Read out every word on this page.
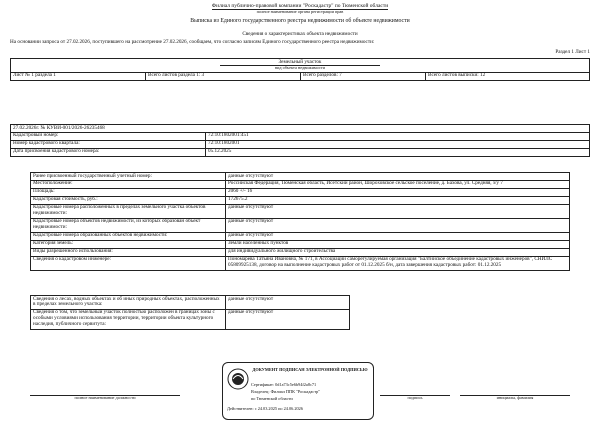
Филиал публично-правовой компании "Роскадастр" по Тюменской области
полное наименование органа регистрации прав
Выписка из Единого государственного реестра недвижимости об объекте недвижимости
Сведения о характеристиках объекта недвижимости
На основании запроса от 27.02.2026, поступившего на рассмотрение 27.02.2026, сообщаем, что согласно записям Единого государственного реестра недвижимости:
Раздел 1 Лист 1
Земельный участок
вид объекта недвижимости

Лист № 1 раздела 1	Всего листов раздела 1: 3	Всего разделов: 7	Всего листов выписки: 12
27.02.2026г. № КУВИ-001/2026-26235468	
Кадастровый номер:	72:10:1802001:451
Номер кадастрового квартала:	72:10:1802001
Дата присвоения кадастрового номера:	05.12.2025
Ранее присвоенный государственный учетный номер:	данные отсутствуют
Местоположение:	Российская Федерация, Тюменская область, Исетский район, Шороховское сельское поселение, д. Бахова, ул. Средняя, з/у 7
Площадь:	2060 +/- 16
Кадастровая стоимость, руб.:	172675.2
Кадастровые номера расположенных в пределах земельного участка объектов недвижимости:	данные отсутствуют
Кадастровые номера объектов недвижимости, из которых образован объект недвижимости:	данные отсутствуют
Кадастровые номера образованных объектов недвижимости:	данные отсутствуют
Категория земель:	Земли населенных пунктов
Виды разрешенного использования:	для индивидуального жилищного строительства
Сведения о кадастровом инженере:	Пономарева Татьяна Ивановна, № 171, в Ассоциации саморегулируемая организация "Балтийское объединение кадастровых инженеров", СНИЛС 05809925138, договор на выполнение кадастровых работ от 01.12.2025 б/н, дата завершения кадастровых работ: 01.12.2025
Сведения о лесах, водных объектах и об иных природных объектах, расположенных в пределах земельного участка:	данные отсутствуют
Сведения о том, что земельный участок полностью расположен в границах зоны с особыми условиями использования территории, территории объекта культурного наследия, публичного сервитута:	данные отсутствуют
полное наименование должности	подпись	инициалы, фамилия
ДОКУМЕНТ ПОДПИСАН ЭЛЕКТРОННОЙ ПОДПИСЬЮ
Сертификат: 0d1a73c5e6b94f2a8c71
Владелец: Филиал ППК "Роскадастр"
по Тюменской области
Действителен: с 24.03.2025 по 24.06.2026
